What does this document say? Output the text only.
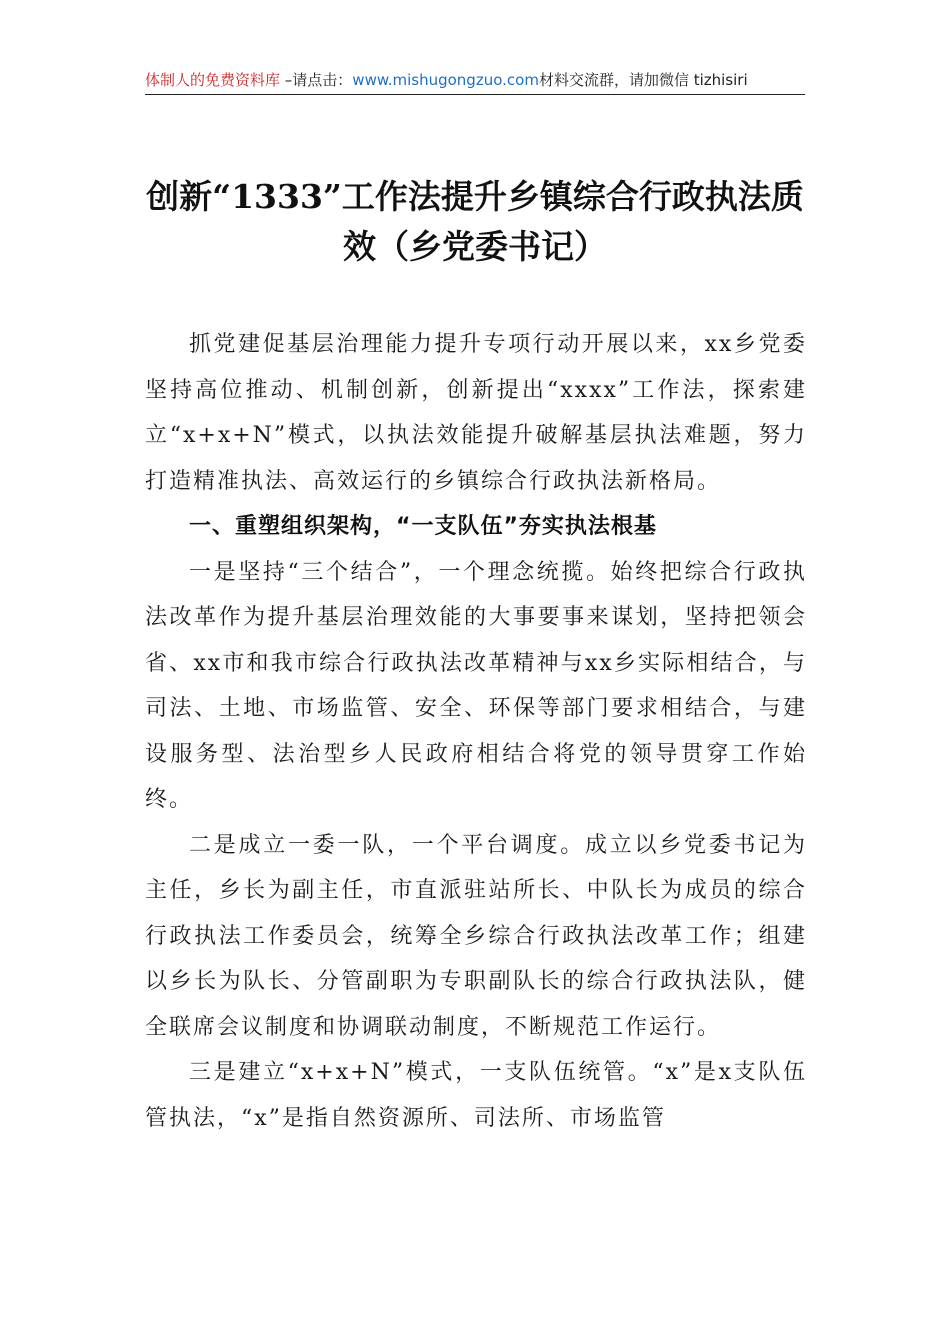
体制人的免费资料库 –请点击：www.mishugongzuo.com材料交流群，请加微信 tizhisiri
创新“1333”工作法提升乡镇综合行政执法质效（乡党委书记）

抓党建促基层治理能力提升专项行动开展以来，xx乡党委坚持高位推动、机制创新，创新提出“xxxx”工作法，探索建立“x+x+N”模式，以执法效能提升破解基层执法难题，努力打造精准执法、高效运行的乡镇综合行政执法新格局。

一、重塑组织架构，“一支队伍”夯实执法根基

一是坚持“三个结合”，一个理念统揽。始终把综合行政执法改革作为提升基层治理效能的大事要事来谋划，坚持把领会省、xx市和我市综合行政执法改革精神与xx乡实际相结合，与司法、土地、市场监管、安全、环保等部门要求相结合，与建设服务型、法治型乡人民政府相结合将党的领导贯穿工作始终。

二是成立一委一队，一个平台调度。成立以乡党委书记为主任，乡长为副主任，市直派驻站所长、中队长为成员的综合行政执法工作委员会，统筹全乡综合行政执法改革工作；组建以乡长为队长、分管副职为专职副队长的综合行政执法队，健全联席会议制度和协调联动制度，不断规范工作运行。

三是建立“x+x+N”模式，一支队伍统管。“x”是x支队伍管执法，“x”是指自然资源所、司法所、市场监管
